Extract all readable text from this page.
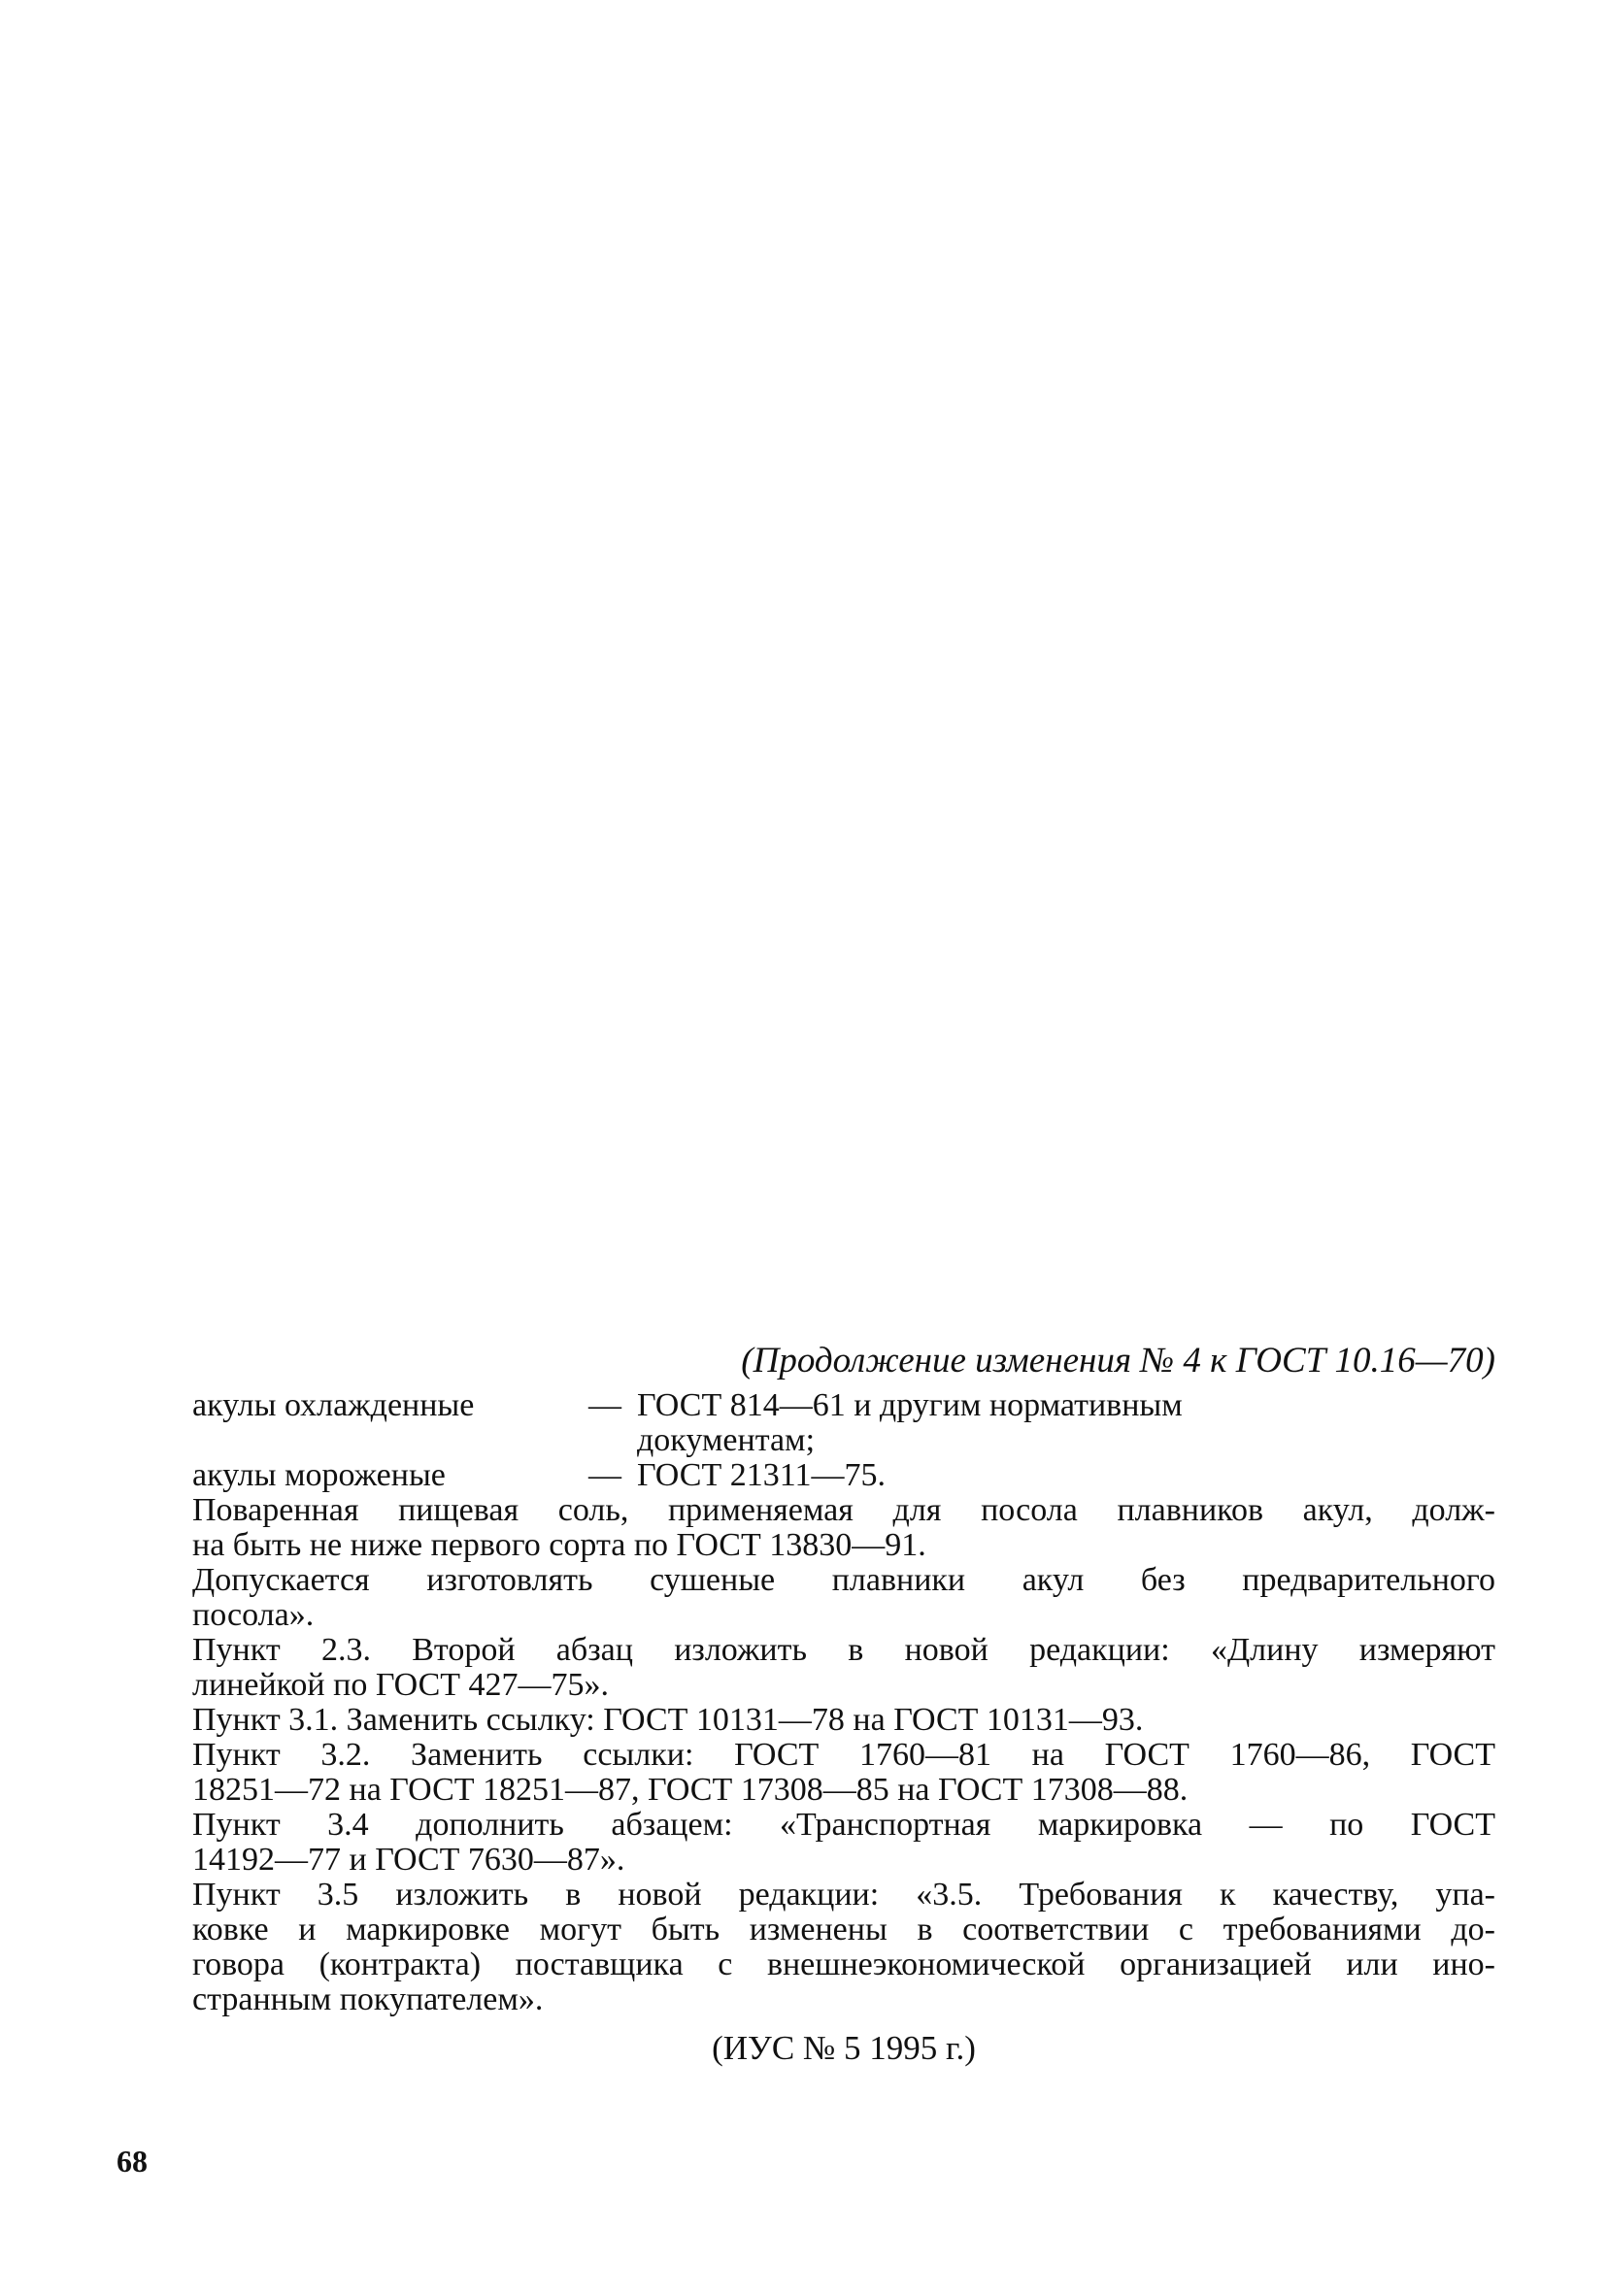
(Продолжение изменения № 4 к ГОСТ 10.16—70)
акулы охлажденные	— ГОСТ 814—61 и другим нормативным
документам;
акулы мороженые	— ГОСТ 21311—75.
Поваренная пищевая соль, применяемая для посола плавников акул, долж-
на быть не ниже первого сорта по ГОСТ 13830—91.
Допускается изготовлять сушеные плавники акул без предварительного
посола».
Пункт 2.3. Второй абзац изложить в новой редакции: «Длину измеряют
линейкой по ГОСТ 427—75».
Пункт 3.1. Заменить ссылку: ГОСТ 10131—78 на ГОСТ 10131—93.
Пункт 3.2. Заменить ссылки: ГОСТ 1760—81 на ГОСТ 1760—86, ГОСТ
18251—72 на ГОСТ 18251—87, ГОСТ 17308—85 на ГОСТ 17308—88.
Пункт 3.4 дополнить абзацем: «Транспортная маркировка — по ГОСТ
14192—77 и ГОСТ 7630—87».
Пункт 3.5 изложить в новой редакции: «3.5. Требования к качеству, упа-
ковке и маркировке могут быть изменены в соответствии с требованиями до-
говора (контракта) поставщика с внешнеэкономической организацией или ино-
странным покупателем».
(ИУС № 5 1995 г.)
68
